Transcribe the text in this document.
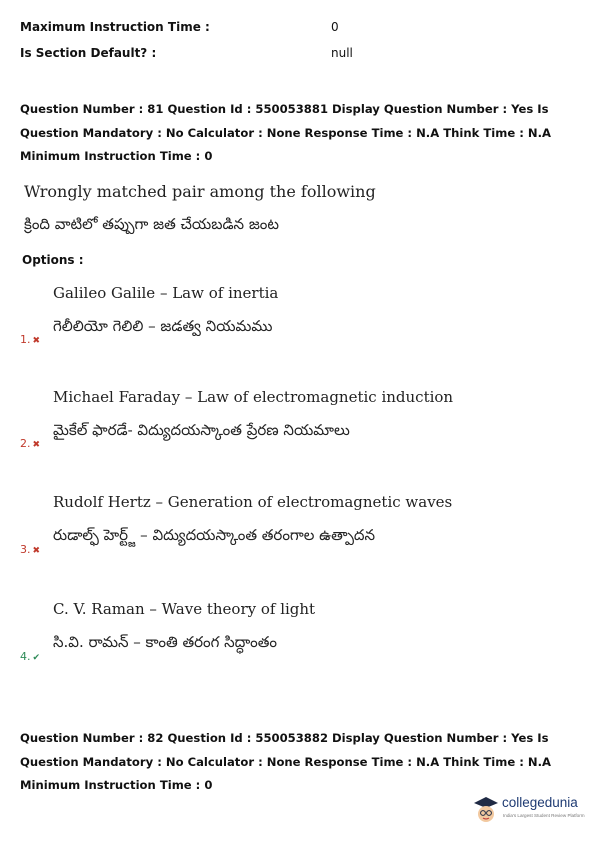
Maximum Instruction Time :	0
Is Section Default? :	null
Question Number : 81 Question Id : 550053881 Display Question Number : Yes Is Question Mandatory : No Calculator : None Response Time : N.A Think Time : N.A Minimum Instruction Time : 0
Wrongly matched pair among the following
క్రింది వాటిలో తప్పుగా జత చేయబడిన జంట
Options :
Galileo Galile – Law of inertia
గెలీలియో గెలిలి – జడత్వ నియమము
1. ✖
Michael Faraday – Law of electromagnetic induction
మైకేల్ ఫారడే- విద్యుదయస్కాంత ప్రేరణ నియమాలు
2. ✖
Rudolf Hertz – Generation of electromagnetic waves
రుడాల్ఫ్ హెర్ట్జ్ – విద్యుదయస్కాంత తరంగాల ఉత్పాదన
3. ✖
C. V. Raman – Wave theory of light
సి.వి. రామన్ – కాంతి తరంగ సిద్ధాంతం
4. ✔
Question Number : 82 Question Id : 550053882 Display Question Number : Yes Is Question Mandatory : No Calculator : None Response Time : N.A Think Time : N.A Minimum Instruction Time : 0
collegedunia
India's Largest Student Review Platform
